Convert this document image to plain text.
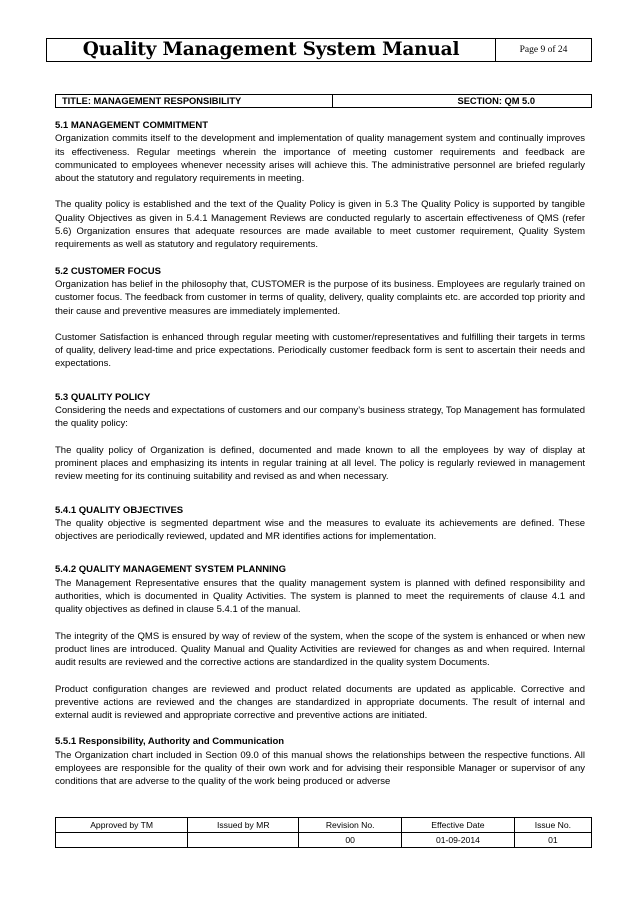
Quality Management System Manual	Page 9 of 24
TITLE: MANAGEMENT RESPONSIBILITY	SECTION: QM 5.0

5.1 MANAGEMENT COMMITMENT

Organization commits itself to the development and implementation of quality management system and continually improves its effectiveness. Regular meetings wherein the importance of meeting customer requirements and feedback are communicated to employees whenever necessity arises will achieve this. The administrative personnel are briefed regularly about the statutory and regulatory requirements in meeting.

The quality policy is established and the text of the Quality Policy is given in 5.3 The Quality Policy is supported by tangible Quality Objectives as given in 5.4.1 Management Reviews are conducted regularly to ascertain effectiveness of QMS (refer 5.6) Organization ensures that adequate resources are made available to meet customer requirement, Quality System requirements as well as statutory and regulatory requirements.

5.2 CUSTOMER FOCUS

Organization has belief in the philosophy that, CUSTOMER is the purpose of its business. Employees are regularly trained on customer focus. The feedback from customer in terms of quality, delivery, quality complaints etc. are accorded top priority and their cause and preventive measures are immediately implemented.

Customer Satisfaction is enhanced through regular meeting with customer/representatives and fulfilling their targets in terms of quality, delivery lead-time and price expectations. Periodically customer feedback form is sent to ascertain their needs and expectations.

5.3 QUALITY POLICY

Considering the needs and expectations of customers and our company’s business strategy, Top Management has formulated the quality policy:

The quality policy of Organization is defined, documented and made known to all the employees by way of display at prominent places and emphasizing its intents in regular training at all level. The policy is regularly reviewed in management review meeting for its continuing suitability and revised as and when necessary.

5.4.1 QUALITY OBJECTIVES

The quality objective is segmented department wise and the measures to evaluate its achievements are defined. These objectives are periodically reviewed, updated and MR identifies actions for implementation.

5.4.2 QUALITY MANAGEMENT SYSTEM PLANNING

The Management Representative ensures that the quality management system is planned with defined responsibility and authorities, which is documented in Quality Activities. The system is planned to meet the requirements of clause 4.1 and quality objectives as defined in clause 5.4.1 of the manual.

The integrity of the QMS is ensured by way of review of the system, when the scope of the system is enhanced or when new product lines are introduced. Quality Manual and Quality Activities are reviewed for changes as and when required. Internal audit results are reviewed and the corrective actions are standardized in the quality system Documents.

Product configuration changes are reviewed and product related documents are updated as applicable. Corrective and preventive actions are reviewed and the changes are standardized in appropriate documents. The result of internal and external audit is reviewed and appropriate corrective and preventive actions are initiated.

5.5.1 Responsibility, Authority and Communication

The Organization chart included in Section 09.0 of this manual shows the relationships between the respective functions. All employees are responsible for the quality of their own work and for advising their responsible Manager or supervisor of any conditions that are adverse to the quality of the work being produced or adverse

Approved by TM	Issued by MR	Revision No.	Effective Date	Issue No.
		00	01-09-2014	01
